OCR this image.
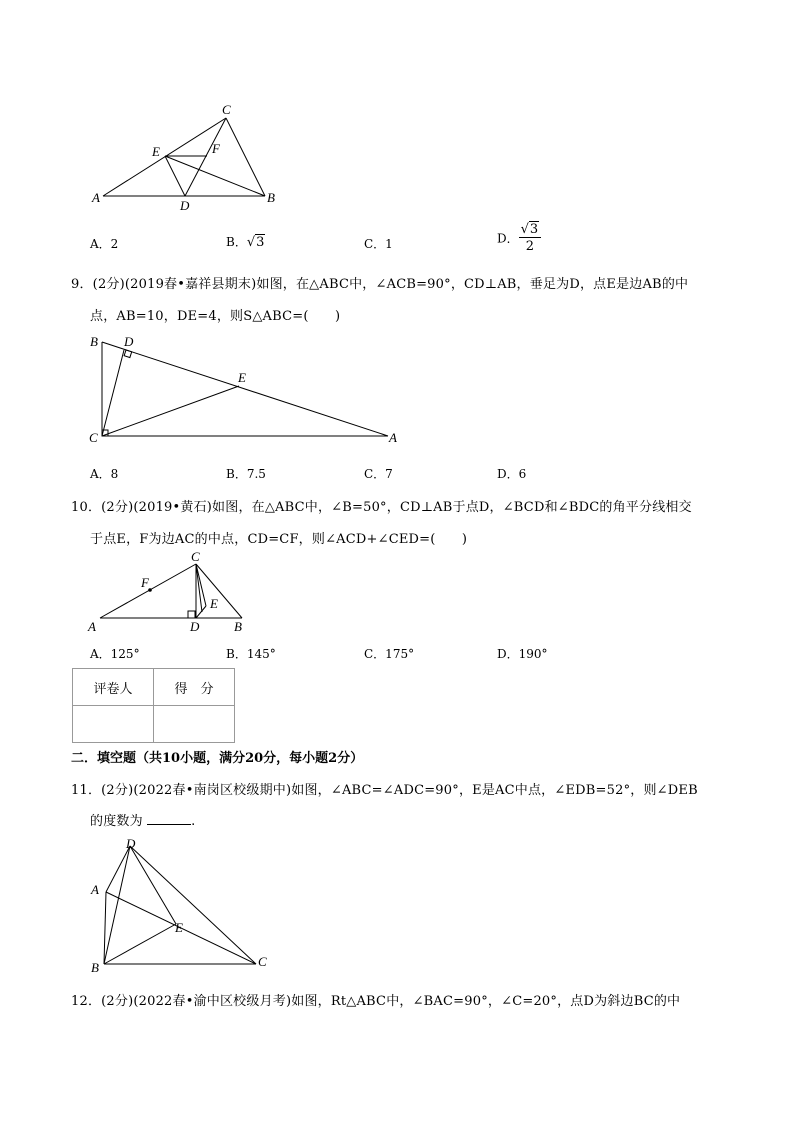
A	B
C
D
E	F
A．2	B．√3	C．1	D． $\frac{√3}{2}$
9．(2分)(2019春•嘉祥县期末)如图，在△ABC中，∠ACB=90°，CD⊥AB，垂足为D，点E是边AB的中
点，AB=10，DE=4，则S△ABC=(　　)
B
C	A
D
E
A．8	B．7.5	C．7	D．6
10．(2分)(2019•黄石)如图，在△ABC中，∠B=50°，CD⊥AB于点D，∠BCD和∠BDC的角平分线相交
于点E，F为边AC的中点，CD=CF，则∠ACD+∠CED=(　　)
A	B
C
D
E
F
A．125°	B．145°	C．175°	D．190°
评卷人	得　分

二．填空题（共10小题，满分20分，每小题2分）
11．(2分)(2022春•南岗区校级期中)如图，∠ABC=∠ADC=90°，E是AC中点，∠EDB=52°，则∠DEB
的度数为	.
D
A
B	C
E
12．(2分)(2022春•渝中区校级月考)如图，Rt△ABC中，∠BAC=90°，∠C=20°，点D为斜边BC的中
